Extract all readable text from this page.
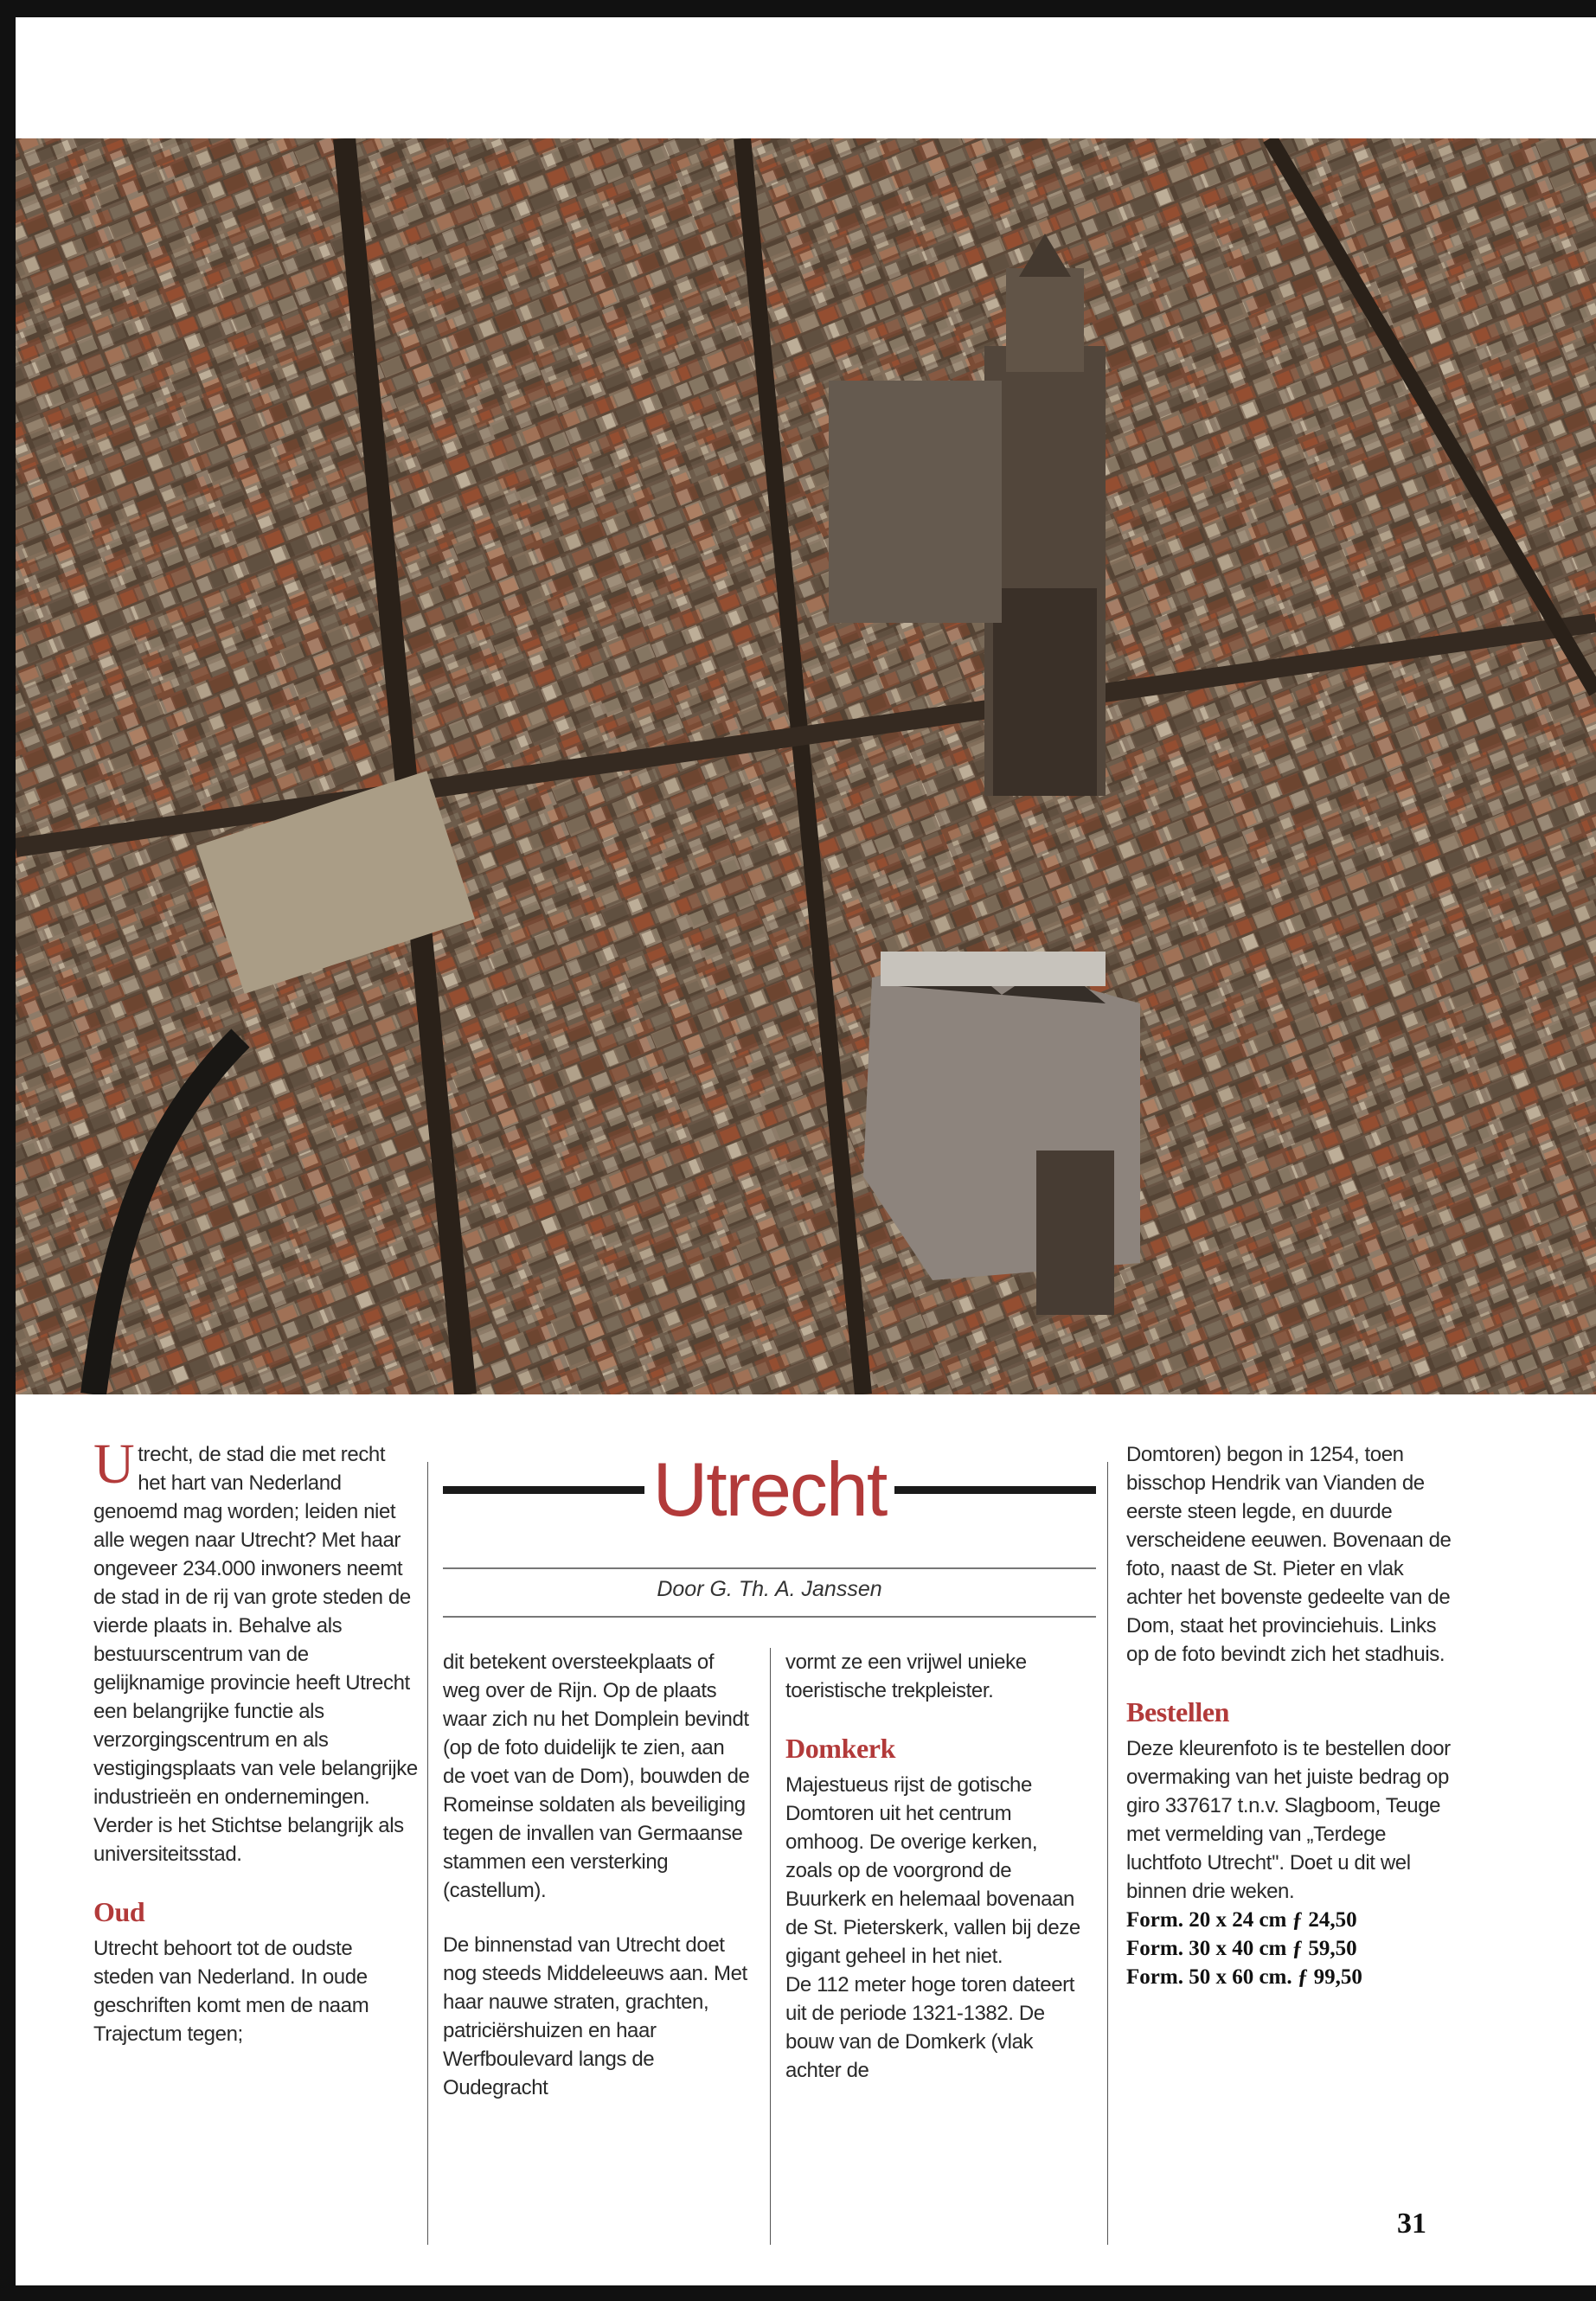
Utrecht, de stad die met recht het hart van Nederland genoemd mag worden; leiden niet alle wegen naar Utrecht? Met haar ongeveer 234.000 inwoners neemt de stad in de rij van grote steden de vierde plaats in. Behalve als bestuurscentrum van de gelijknamige provincie heeft Utrecht een belangrijke functie als verzorgingscentrum en als vestigingsplaats van vele belangrijke industrieën en ondernemingen. Verder is het Stichtse belangrijk als universiteitsstad.

Oud

Utrecht behoort tot de oudste steden van Nederland. In oude geschriften komt men de naam Trajectum tegen;

Utrecht
Door G. Th. A. Janssen

dit betekent oversteekplaats of weg over de Rijn. Op de plaats waar zich nu het Domplein bevindt (op de foto duidelijk te zien, aan de voet van de Dom), bouwden de Romeinse soldaten als beveiliging tegen de invallen van Germaanse stammen een versterking (castellum).

De binnenstad van Utrecht doet nog steeds Middeleeuws aan. Met haar nauwe straten, grachten, patriciërshuizen en haar Werfboulevard langs de Oudegracht

vormt ze een vrijwel unieke toeristische trekpleister.

Domkerk

Majestueus rijst de gotische Domtoren uit het centrum omhoog. De overige kerken, zoals op de voorgrond de Buurkerk en helemaal bovenaan de St. Pieterskerk, vallen bij deze gigant geheel in het niet.

De 112 meter hoge toren dateert uit de periode 1321-1382. De bouw van de Domkerk (vlak achter de

Domtoren) begon in 1254, toen bisschop Hendrik van Vianden de eerste steen legde, en duurde verscheidene eeuwen. Bovenaan de foto, naast de St. Pieter en vlak achter het bovenste gedeelte van de Dom, staat het provinciehuis. Links op de foto bevindt zich het stadhuis.

Bestellen

Deze kleurenfoto is te bestellen door overmaking van het juiste bedrag op giro 337617 t.n.v. Slagboom, Teuge met vermelding van „Terdege luchtfoto Utrecht''. Doet u dit wel binnen drie weken.

Form. 20 x 24 cm ƒ 24,50

Form. 30 x 40 cm ƒ 59,50

Form. 50 x 60 cm. ƒ 99,50

31
